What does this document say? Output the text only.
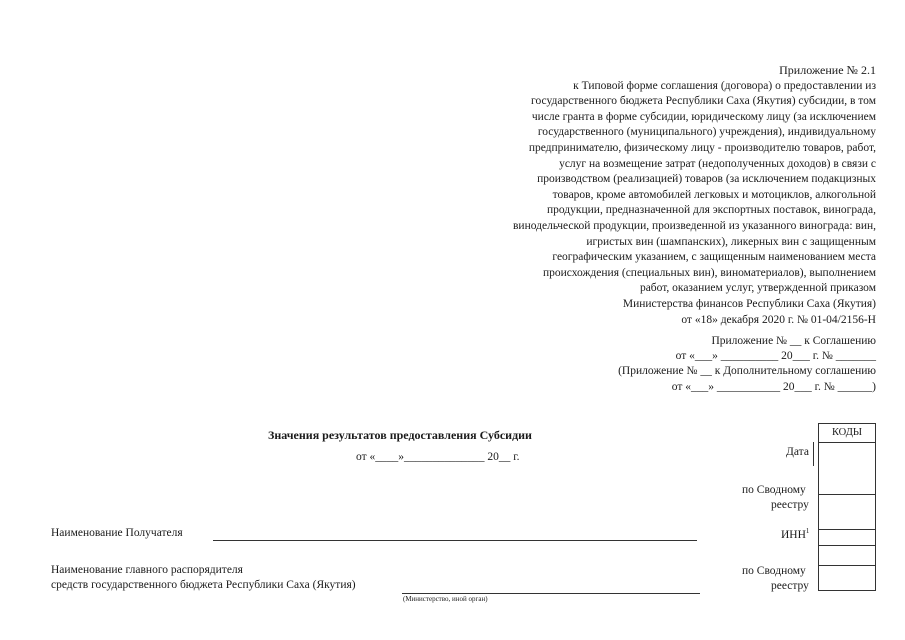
Приложение № 2.1
к Типовой форме соглашения (договора) о предоставлении из
государственного бюджета Республики Саха (Якутия) субсидии, в том
числе гранта в форме субсидии, юридическому лицу (за исключением
государственного (муниципального) учреждения), индивидуальному
предпринимателю, физическому лицу - производителю товаров, работ,
услуг на возмещение затрат (недополученных доходов) в связи с
производством (реализацией) товаров (за исключением подакцизных
товаров, кроме автомобилей легковых и мотоциклов, алкогольной
продукции, предназначенной для экспортных поставок, винограда,
винодельческой продукции, произведенной из указанного винограда: вин,
игристых вин (шампанских), ликерных вин с защищенным
географическим указанием, с защищенным наименованием места
происхождения (специальных вин), виноматериалов), выполнением
работ, оказанием услуг, утвержденной приказом
Министерства финансов Республики Саха (Якутия)
от «18» декабря 2020 г. № 01-04/2156-Н
Приложение № __ к Соглашению
от «___» __________ 20___ г. № _______
(Приложение № __ к Дополнительному соглашению
от «___» ___________ 20___ г. № ______)
Значения результатов предоставления Субсидии
от «____»______________ 20__ г.
Наименование Получателя
Наименование главного распорядителя
средств государственного бюджета Республики Саха (Якутия)
(Министерство, иной орган)
Дата
по Сводному
реестру
ИНН$^1$
по Сводному
реестру
КОДЫ
